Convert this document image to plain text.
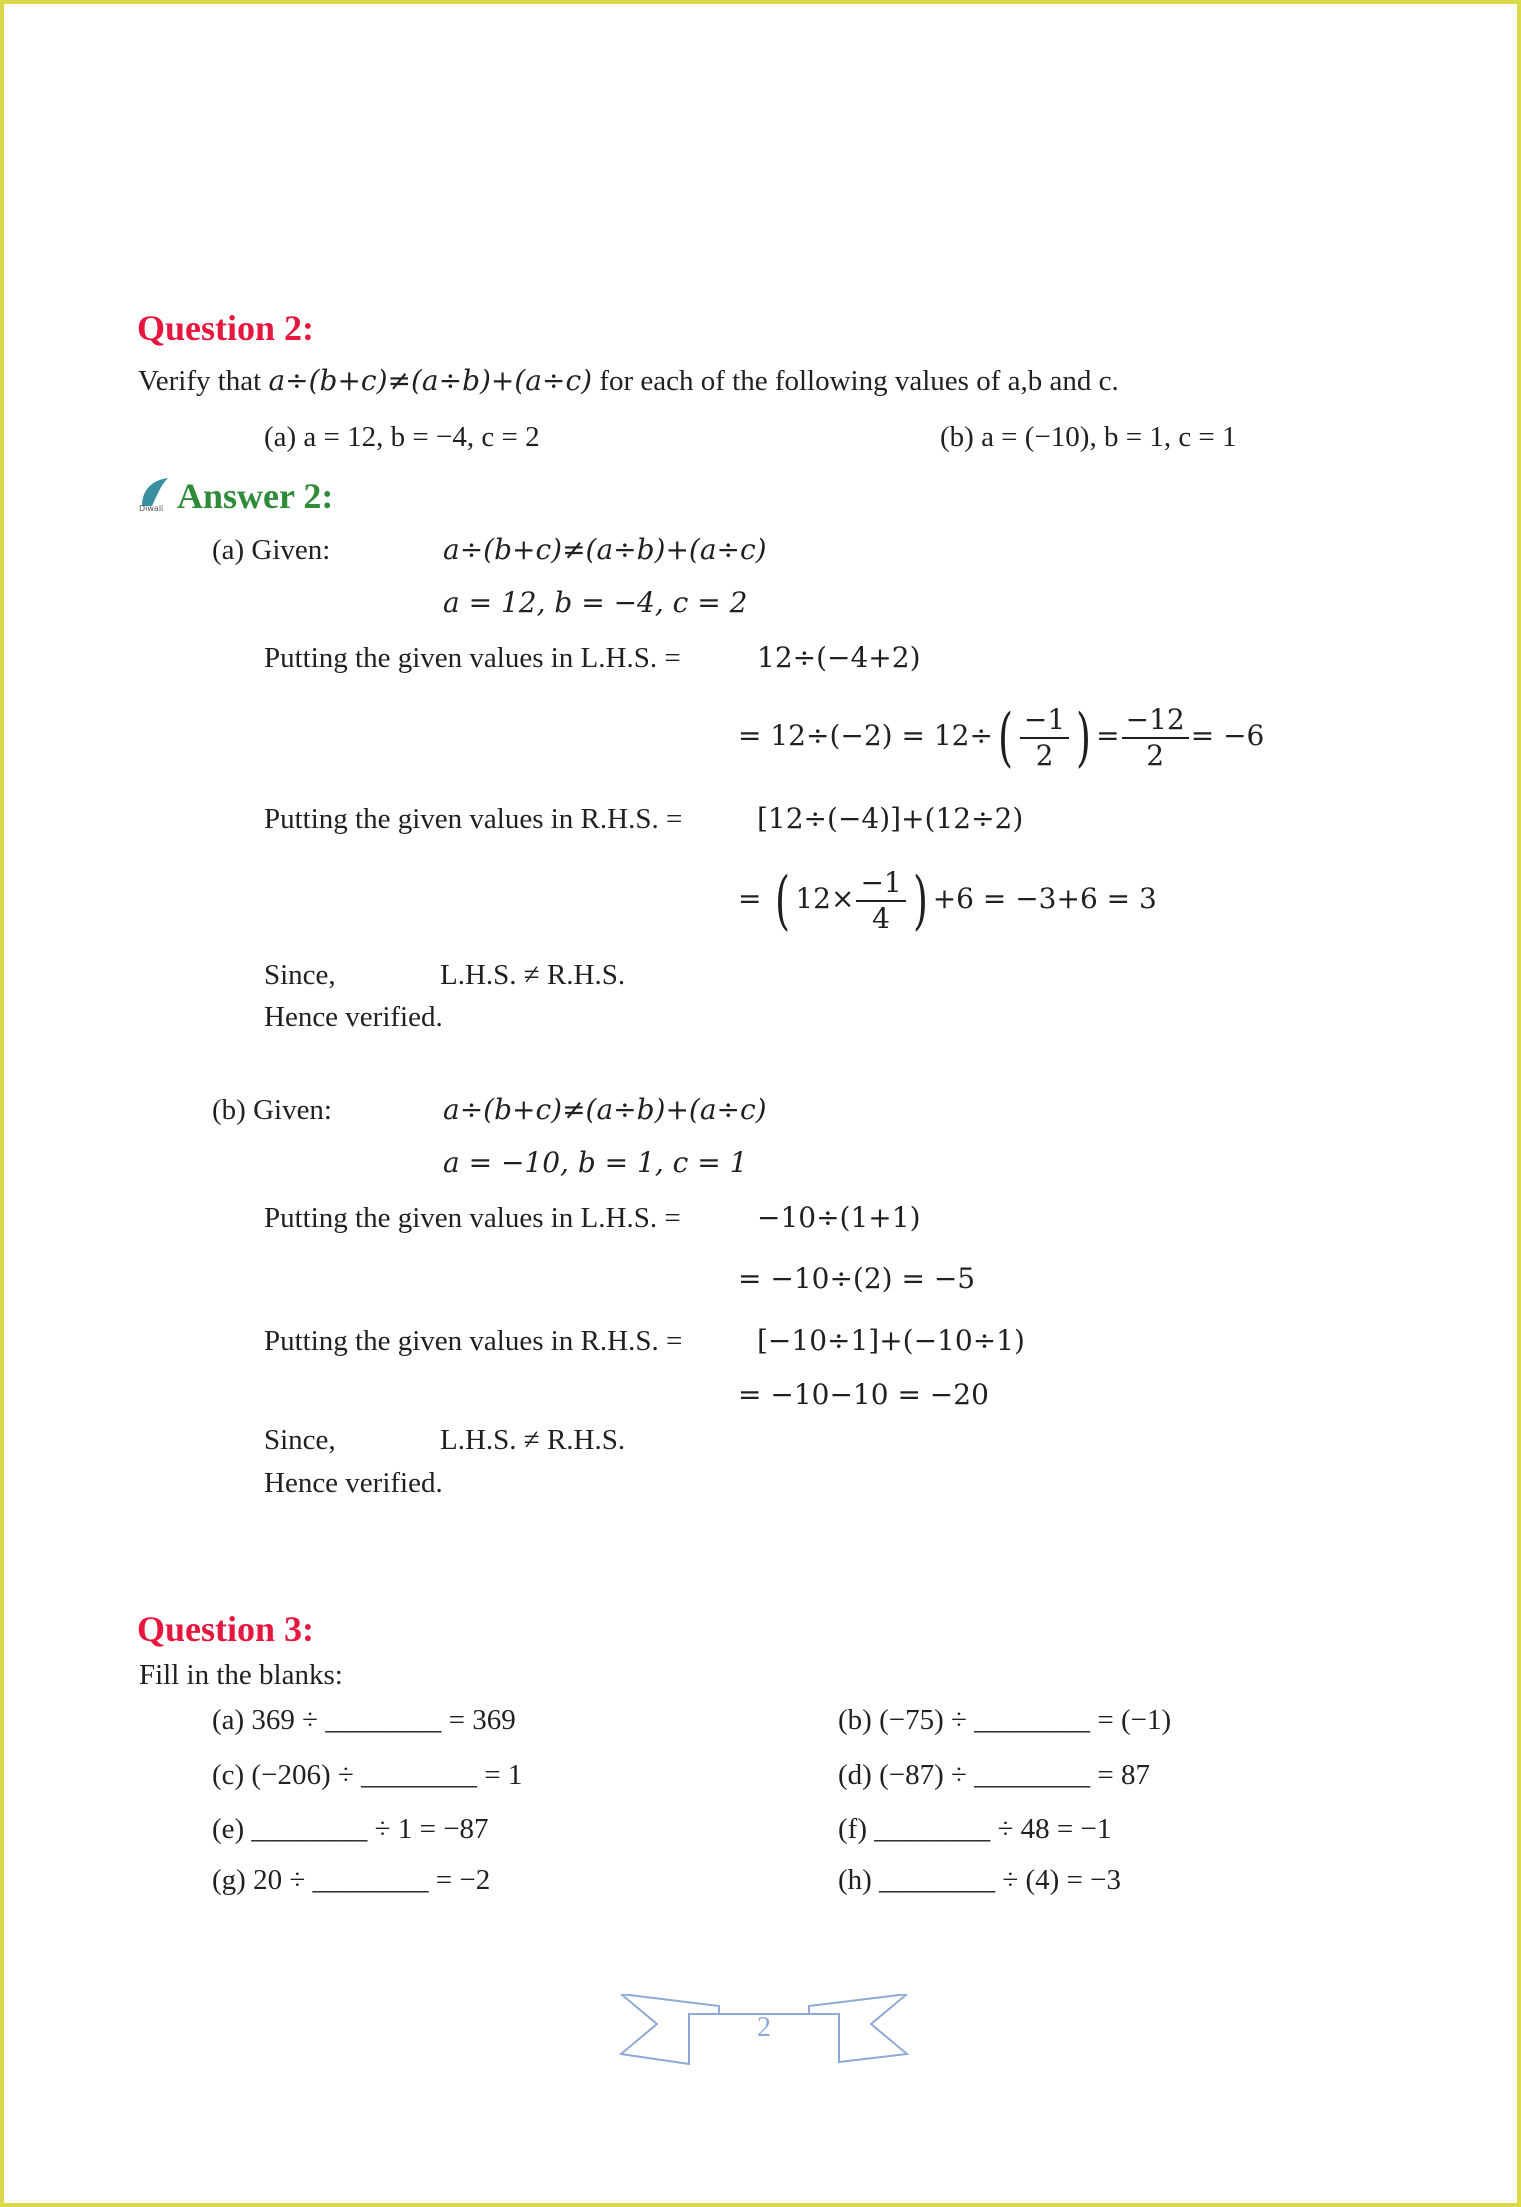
Question 2:
Verify that a÷(b+c)≠(a÷b)+(a÷c) for each of the following values of a,b and c.
(a) a = 12, b = −4, c = 2	(b) a = (−10), b = 1, c = 1
Diwali Answer 2:
(a) Given:	a÷(b+c)≠(a÷b)+(a÷c)
a = 12, b = −4, c = 2
Putting the given values in L.H.S. =	12÷(−4+2)
= $12\div(-2) = 12\div( \frac{-1}{2}$ ) = $\frac{-12}{2} = -6$
Putting the given values in R.H.S. =	[12÷(−4)]+(12÷2)
= ( $12\times \frac{-1}{4}$ ) +6 = −3+6 = 3
Since,	L.H.S. ≠ R.H.S.
Hence verified.
(b) Given:	a÷(b+c)≠(a÷b)+(a÷c)
a = −10, b = 1, c = 1
Putting the given values in L.H.S. =	−10÷(1+1)
= −10÷(2) = −5
Putting the given values in R.H.S. =	[−10÷1]+(−10÷1)
= −10−10 = −20
Since,	L.H.S. ≠ R.H.S.
Hence verified.
Question 3:
Fill in the blanks:
(a) 369 ÷ ________ = 369	(b) (−75) ÷ ________ = (−1)
(c) (−206) ÷ ________ = 1	(d) (−87) ÷ ________ = 87
(e) ________ ÷ 1 = −87	(f) ________ ÷ 48 = −1
(g) 20 ÷ ________ = −2	(h) ________ ÷ (4) = −3
2
